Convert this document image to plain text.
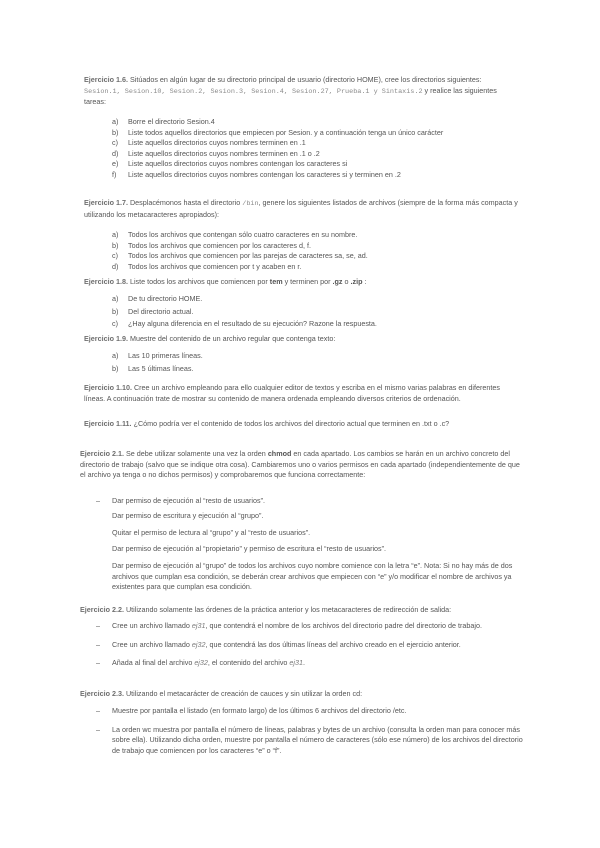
Ejercicio 1.6. Sitúados en algún lugar de su directorio principal de usuario (directorio HOME), cree los directorios siguientes: Sesion.1, Sesion.10, Sesion.2, Sesion.3, Sesion.4, Sesion.27, Prueba.1 y Sintaxis.2 y realice las siguientes tareas:

a) Borre el directorio Sesion.4
b) Liste todos aquellos directorios que empiecen por Sesion. y a continuación tenga un único carácter
c) Liste aquellos directorios cuyos nombres terminen en .1
d) Liste aquellos directorios cuyos nombres terminen en .1 o .2
e) Liste aquellos directorios cuyos nombres contengan los caracteres si
f) Liste aquellos directorios cuyos nombres contengan los caracteres si y terminen en .2

Ejercicio 1.7. Desplacémonos hasta el directorio /bin, genere los siguientes listados de archivos (siempre de la forma más compacta y utilizando los metacaracteres apropiados):

a) Todos los archivos que contengan sólo cuatro caracteres en su nombre.
b) Todos los archivos que comiencen por los caracteres d, f.
c) Todos los archivos que comiencen por las parejas de caracteres sa, se, ad.
d) Todos los archivos que comiencen por t y acaben en r.

Ejercicio 1.8. Liste todos los archivos que comiencen por tem y terminen por .gz o .zip :

a) De tu directorio HOME.
b) Del directorio actual.
c) ¿Hay alguna diferencia en el resultado de su ejecución? Razone la respuesta.

Ejercicio 1.9. Muestre del contenido de un archivo regular que contenga texto:

a) Las 10 primeras líneas.
b) Las 5 últimas líneas.

Ejercicio 1.10. Cree un archivo empleando para ello cualquier editor de textos y escriba en el mismo varias palabras en diferentes líneas. A continuación trate de mostrar su contenido de manera ordenada empleando diversos criterios de ordenación.

Ejercicio 1.11. ¿Cómo podría ver el contenido de todos los archivos del directorio actual que terminen en .txt o .c?

Ejercicio 2.1. Se debe utilizar solamente una vez la orden chmod en cada apartado. Los cambios se harán en un archivo concreto del directorio de trabajo (salvo que se indique otra cosa). Cambiaremos uno o varios permisos en cada apartado (independientemente de que el archivo ya tenga o no dichos permisos) y comprobaremos que funciona correctamente:

– Dar permiso de ejecución al “resto de usuarios”.

Dar permiso de escritura y ejecución al “grupo”.

Quitar el permiso de lectura al “grupo” y al “resto de usuarios”.

Dar permiso de ejecución al “propietario” y permiso de escritura el “resto de usuarios”.

Dar permiso de ejecución al “grupo” de todos los archivos cuyo nombre comience con la letra “e”. Nota: Si no hay más de dos archivos que cumplan esa condición, se deberán crear archivos que empiecen con “e” y/o modificar el nombre de archivos ya existentes para que cumplan esa condición.

Ejercicio 2.2. Utilizando solamente las órdenes de la práctica anterior y los metacaracteres de redirección de salida:

– Cree un archivo llamado ej31, que contendrá el nombre de los archivos del directorio padre del directorio de trabajo.
– Cree un archivo llamado ej32, que contendrá las dos últimas líneas del archivo creado en el ejercicio anterior.
– Añada al final del archivo ej32, el contenido del archivo ej31.

Ejercicio 2.3. Utilizando el metacarácter de creación de cauces y sin utilizar la orden cd:

– Muestre por pantalla el listado (en formato largo) de los últimos 6 archivos del directorio /etc.
– La orden wc muestra por pantalla el número de líneas, palabras y bytes de un archivo (consulta la orden man para conocer más sobre ella). Utilizando dicha orden, muestre por pantalla el número de caracteres (sólo ese número) de los archivos del directorio de trabajo que comiencen por los caracteres “e” o “f”.
